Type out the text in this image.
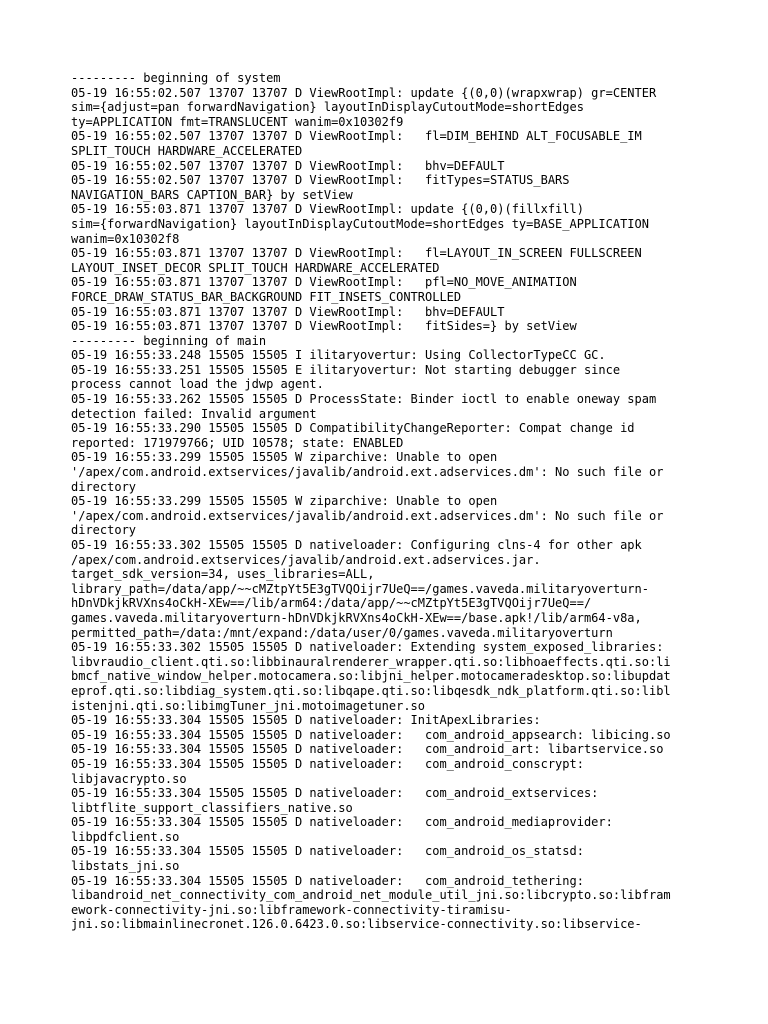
--------- beginning of system
05-19 16:55:02.507 13707 13707 D ViewRootImpl: update {(0,0)(wrapxwrap) gr=CENTER
sim={adjust=pan forwardNavigation} layoutInDisplayCutoutMode=shortEdges
ty=APPLICATION fmt=TRANSLUCENT wanim=0x10302f9
05-19 16:55:02.507 13707 13707 D ViewRootImpl:   fl=DIM_BEHIND ALT_FOCUSABLE_IM
SPLIT_TOUCH HARDWARE_ACCELERATED
05-19 16:55:02.507 13707 13707 D ViewRootImpl:   bhv=DEFAULT
05-19 16:55:02.507 13707 13707 D ViewRootImpl:   fitTypes=STATUS_BARS
NAVIGATION_BARS CAPTION_BAR} by setView
05-19 16:55:03.871 13707 13707 D ViewRootImpl: update {(0,0)(fillxfill)
sim={forwardNavigation} layoutInDisplayCutoutMode=shortEdges ty=BASE_APPLICATION
wanim=0x10302f8
05-19 16:55:03.871 13707 13707 D ViewRootImpl:   fl=LAYOUT_IN_SCREEN FULLSCREEN
LAYOUT_INSET_DECOR SPLIT_TOUCH HARDWARE_ACCELERATED
05-19 16:55:03.871 13707 13707 D ViewRootImpl:   pfl=NO_MOVE_ANIMATION
FORCE_DRAW_STATUS_BAR_BACKGROUND FIT_INSETS_CONTROLLED
05-19 16:55:03.871 13707 13707 D ViewRootImpl:   bhv=DEFAULT
05-19 16:55:03.871 13707 13707 D ViewRootImpl:   fitSides=} by setView
--------- beginning of main
05-19 16:55:33.248 15505 15505 I ilitaryovertur: Using CollectorTypeCC GC.
05-19 16:55:33.251 15505 15505 E ilitaryovertur: Not starting debugger since
process cannot load the jdwp agent.
05-19 16:55:33.262 15505 15505 D ProcessState: Binder ioctl to enable oneway spam
detection failed: Invalid argument
05-19 16:55:33.290 15505 15505 D CompatibilityChangeReporter: Compat change id
reported: 171979766; UID 10578; state: ENABLED
05-19 16:55:33.299 15505 15505 W ziparchive: Unable to open
'/apex/com.android.extservices/javalib/android.ext.adservices.dm': No such file or
directory
05-19 16:55:33.299 15505 15505 W ziparchive: Unable to open
'/apex/com.android.extservices/javalib/android.ext.adservices.dm': No such file or
directory
05-19 16:55:33.302 15505 15505 D nativeloader: Configuring clns-4 for other apk
/apex/com.android.extservices/javalib/android.ext.adservices.jar.
target_sdk_version=34, uses_libraries=ALL,
library_path=/data/app/~~cMZtpYt5E3gTVQOijr7UeQ==/games.vaveda.militaryoverturn-
hDnVDkjkRVXns4oCkH-XEw==/lib/arm64:/data/app/~~cMZtpYt5E3gTVQOijr7UeQ==/
games.vaveda.militaryoverturn-hDnVDkjkRVXns4oCkH-XEw==/base.apk!/lib/arm64-v8a,
permitted_path=/data:/mnt/expand:/data/user/0/games.vaveda.militaryoverturn
05-19 16:55:33.302 15505 15505 D nativeloader: Extending system_exposed_libraries:
libvraudio_client.qti.so:libbinauralrenderer_wrapper.qti.so:libhoaeffects.qti.so:li
bmcf_native_window_helper.motocamera.so:libjni_helper.motocameradesktop.so:libupdat
eprof.qti.so:libdiag_system.qti.so:libqape.qti.so:libqesdk_ndk_platform.qti.so:libl
istenjni.qti.so:libimgTuner_jni.motoimagetuner.so
05-19 16:55:33.304 15505 15505 D nativeloader: InitApexLibraries:
05-19 16:55:33.304 15505 15505 D nativeloader:   com_android_appsearch: libicing.so
05-19 16:55:33.304 15505 15505 D nativeloader:   com_android_art: libartservice.so
05-19 16:55:33.304 15505 15505 D nativeloader:   com_android_conscrypt:
libjavacrypto.so
05-19 16:55:33.304 15505 15505 D nativeloader:   com_android_extservices:
libtflite_support_classifiers_native.so
05-19 16:55:33.304 15505 15505 D nativeloader:   com_android_mediaprovider:
libpdfclient.so
05-19 16:55:33.304 15505 15505 D nativeloader:   com_android_os_statsd:
libstats_jni.so
05-19 16:55:33.304 15505 15505 D nativeloader:   com_android_tethering:
libandroid_net_connectivity_com_android_net_module_util_jni.so:libcrypto.so:libfram
ework-connectivity-jni.so:libframework-connectivity-tiramisu-
jni.so:libmainlinecronet.126.0.6423.0.so:libservice-connectivity.so:libservice-
